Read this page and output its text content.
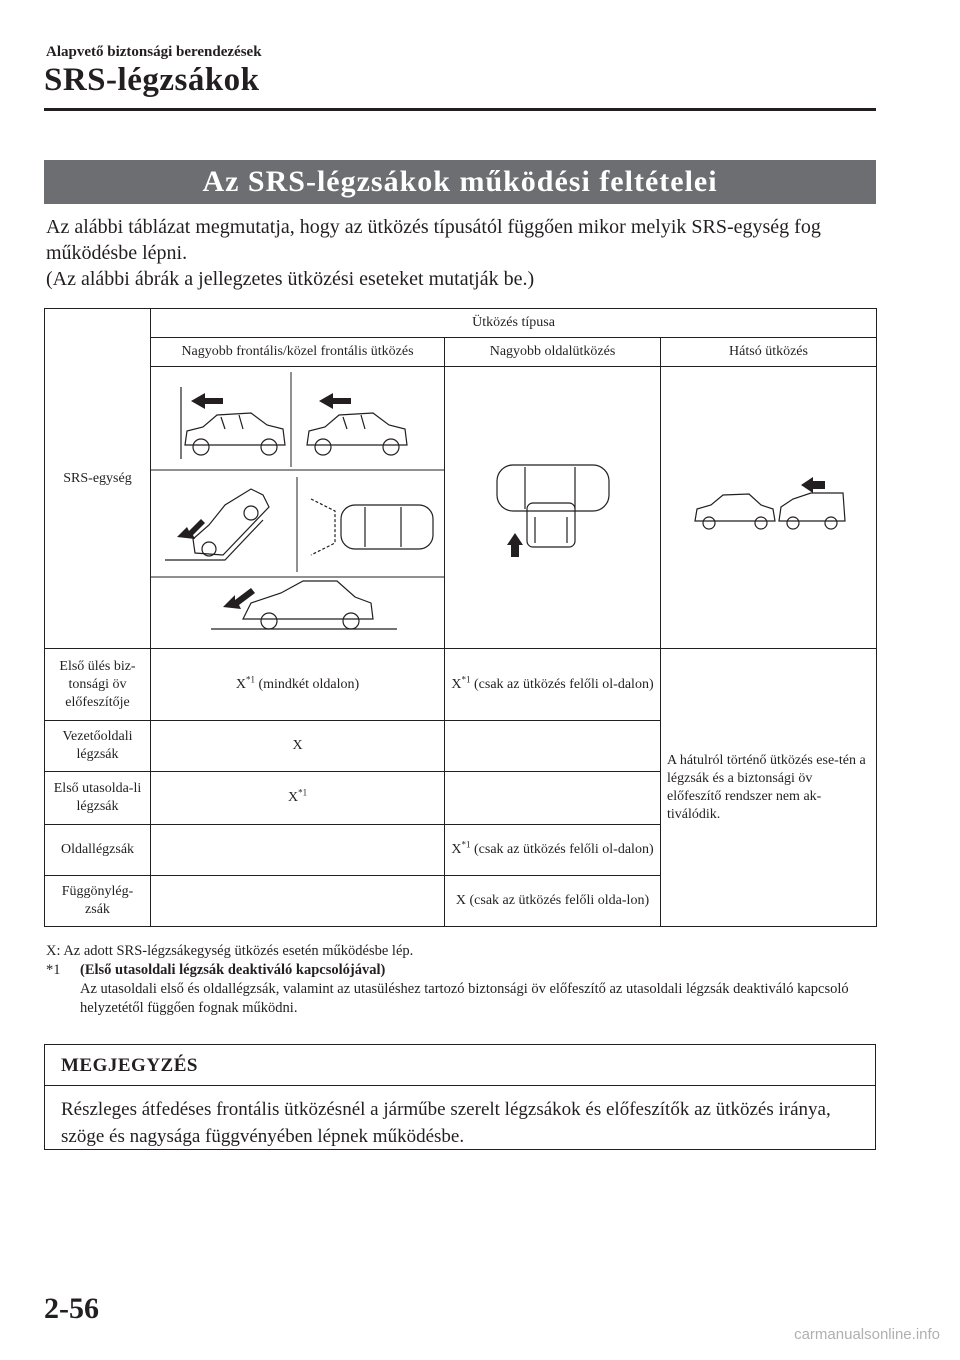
Alapvető biztonsági berendezések
SRS-légzsákok
Az SRS-légzsákok működési feltételei

Az alábbi táblázat megmutatja, hogy az ütközés típusától függően mikor melyik SRS-egység fog működésbe lépni.

(Az alábbi ábrák a jellegzetes ütközési eseteket mutatják be.)

SRS-egység	Ütközés típusa		
	Nagyobb frontális/közel frontális ütközés	Nagyobb oldalütközés	Hátsó ütközés

Első ülés biz-tonsági öv előfeszítője	$X^{*1}$ (mindkét oldalon)	$X^{*1}$ (csak az ütközés felőli ol-dalon)	A hátulról történő ütközés ese-tén a légzsák és a biztonsági öv előfeszítő rendszer nem ak-tiválódik.
Vezetőoldali légzsák	X		
Első utasolda-li légzsák	$X^{*1}$	
Oldallégzsák		$X^{*1}$ (csak az ütközés felőli ol-dalon)	
Függönylég-zsák		X (csak az ütközés felőli olda-lon)	
X: Az adott SRS-légzsákegység ütközés esetén működésbe lép.
*1	(Első utasoldali légzsák deaktiváló kapcsolójával)
Az utasoldali első és oldallégzsák, valamint az utasüléshez tartozó biztonsági öv előfeszítő az utasoldali légzsák deaktiváló kapcsoló helyzetétől függően fognak működni.
MEGJEGYZÉS
Részleges átfedéses frontális ütközésnél a járműbe szerelt légzsákok és előfeszítők az ütközés iránya, szöge és nagysága függvényében lépnek működésbe.
2-56
carmanualsonline.info
